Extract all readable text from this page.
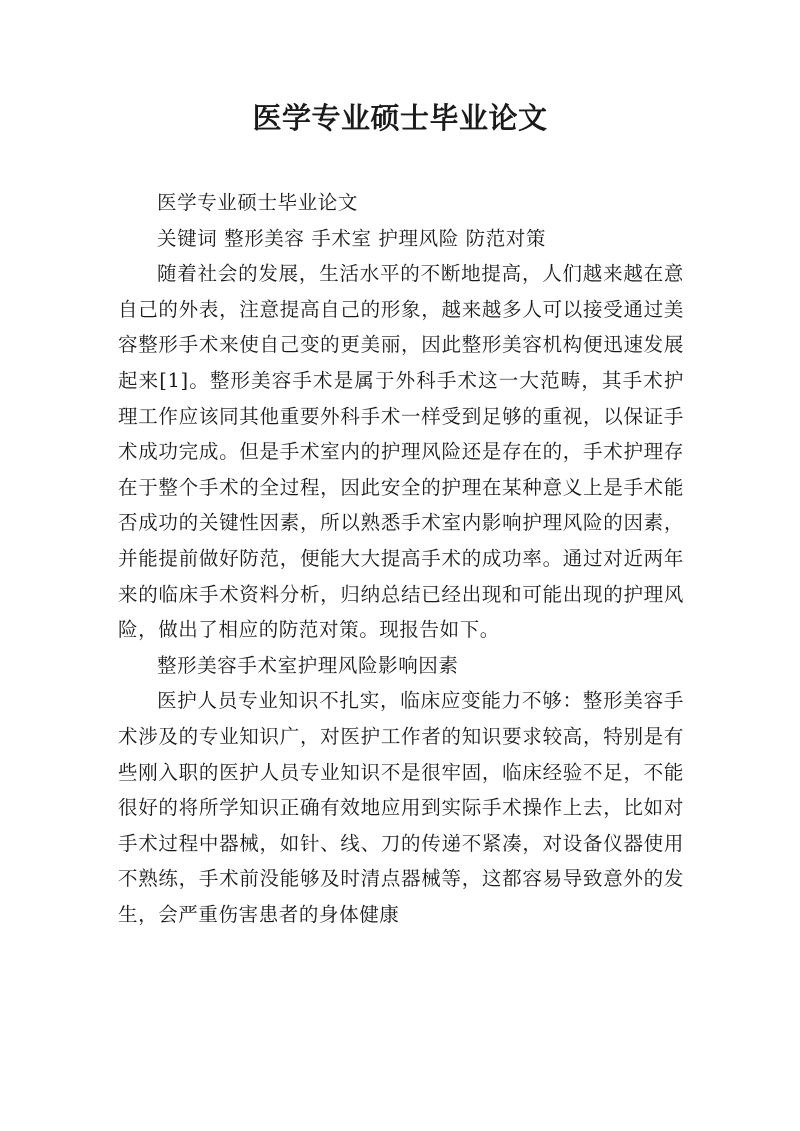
医学专业硕士毕业论文

医学专业硕士毕业论文

关键词 整形美容 手术室 护理风险 防范对策

随着社会的发展，生活水平的不断地提高，人们越来越在意自己的外表，注意提高自己的形象，越来越多人可以接受通过美容整形手术来使自己变的更美丽，因此整形美容机构便迅速发展起来[1]。整形美容手术是属于外科手术这一大范畴，其手术护理工作应该同其他重要外科手术一样受到足够的重视，以保证手术成功完成。但是手术室内的护理风险还是存在的，手术护理存在于整个手术的全过程，因此安全的护理在某种意义上是手术能否成功的关键性因素，所以熟悉手术室内影响护理风险的因素，并能提前做好防范，便能大大提高手术的成功率。通过对近两年来的临床手术资料分析，归纳总结已经出现和可能出现的护理风险，做出了相应的防范对策。现报告如下。

整形美容手术室护理风险影响因素

医护人员专业知识不扎实，临床应变能力不够：整形美容手术涉及的专业知识广，对医护工作者的知识要求较高，特别是有些刚入职的医护人员专业知识不是很牢固，临床经验不足，不能很好的将所学知识正确有效地应用到实际手术操作上去，比如对手术过程中器械，如针、线、刀的传递不紧凑，对设备仪器使用不熟练，手术前没能够及时清点器械等，这都容易导致意外的发生，会严重伤害患者的身体健康
